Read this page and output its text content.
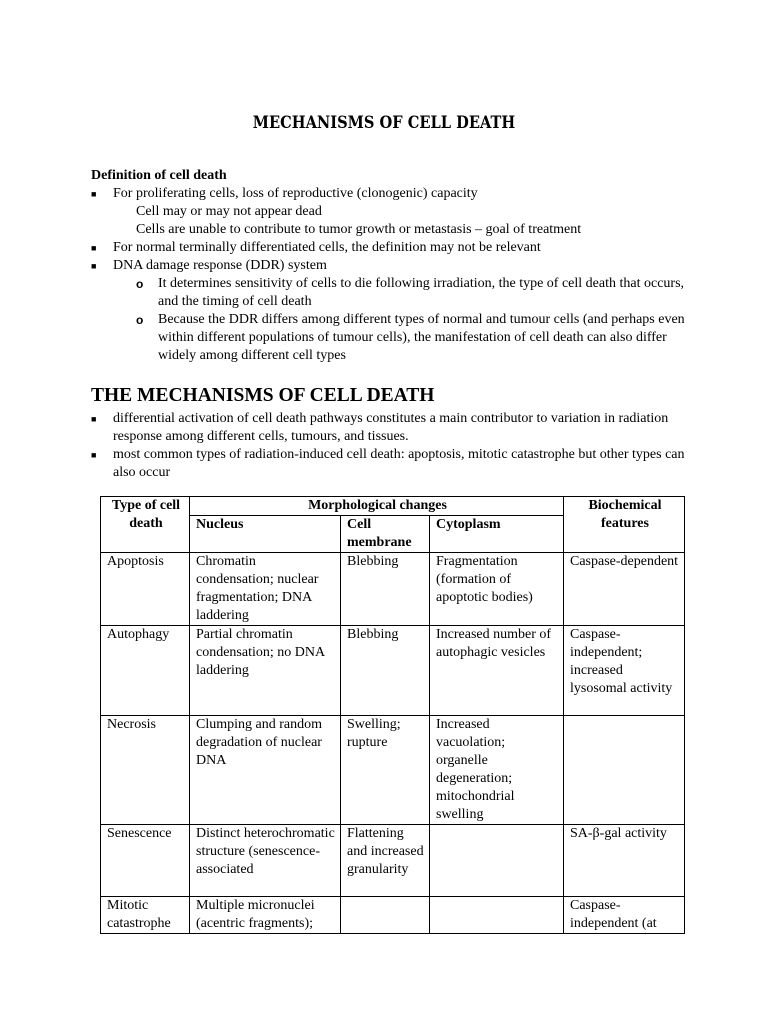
MECHANISMS OF CELL DEATH
Definition of cell death
■	For proliferating cells, loss of reproductive (clonogenic) capacity
Cell may or may not appear dead
Cells are unable to contribute to tumor growth or metastasis – goal of treatment
■	For normal terminally differentiated cells, the definition may not be relevant
■	DNA damage response (DDR) system
o It determines sensitivity of cells to die following irradiation, the type of cell death that occurs, and the timing of cell death
o Because the DDR differs among different types of normal and tumour cells (and perhaps even within different populations of tumour cells), the manifestation of cell death can also differ widely among different cell types
THE MECHANISMS OF CELL DEATH
■	differential activation of cell death pathways constitutes a main contributor to variation in radiation response among different cells, tumours, and tissues.
■	most common types of radiation-induced cell death: apoptosis, mitotic catastrophe but other types can also occur
Type of cell death	Morphological changes			Biochemical features
	Nucleus	Cell membrane	Cytoplasm	
Apoptosis	Chromatin condensation; nuclear fragmentation; DNA laddering	Blebbing	Fragmentation (formation of apoptotic bodies)	Caspase-dependent
Autophagy	Partial chromatin condensation; no DNA laddering	Blebbing	Increased number of autophagic vesicles	Caspase-independent; increased lysosomal activity
Necrosis	Clumping and random degradation of nuclear DNA	Swelling; rupture	Increased vacuolation; organelle degeneration; mitochondrial swelling	
Senescence	Distinct heterochromatic structure (senescence-associated	Flattening and increased granularity		SA-β-gal activity
Mitotic catastrophe	Multiple micronuclei (acentric fragments);			Caspase-independent (at
